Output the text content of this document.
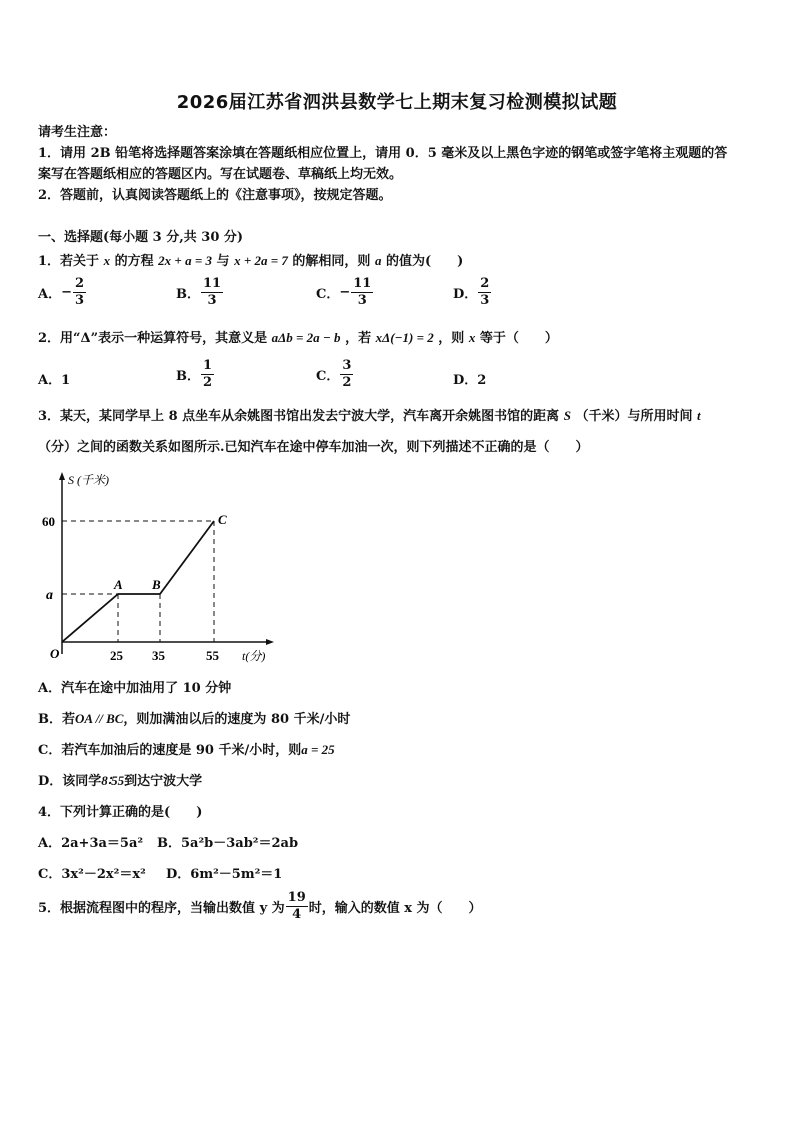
2026届江苏省泗洪县数学七上期末复习检测模拟试题
请考生注意：
1．请用 2B 铅笔将选择题答案涂填在答题纸相应位置上，请用 0．5 毫米及以上黑色字迹的钢笔或签字笔将主观题的答
案写在答题纸相应的答题区内。写在试题卷、草稿纸上均无效。
2．答题前，认真阅读答题纸上的《注意事项》，按规定答题。
一、选择题(每小题 3 分,共 30 分)
1．若关于 x 的方程 2x + a = 3 与 x + 2a = 7 的解相同，则 a 的值为(　　)
A． − $\frac{2}{3}$	B． $\frac{11}{3}$	C． − $\frac{11}{3}$	D． $\frac{2}{3}$
2．用“Δ”表示一种运算符号，其意义是 aΔb = 2a − b ，若 xΔ(−1) = 2 ，则 x 等于（　　）
A．1	B． $\frac{1}{2}$	C． $\frac{3}{2}$	D．2
3．某天，某同学早上 8 点坐车从余姚图书馆出发去宁波大学，汽车离开余姚图书馆的距离 S （千米）与所用时间 t
（分）之间的函数关系如图所示.已知汽车在途中停车加油一次，则下列描述不正确的是（　　）
S (千米)
60
a
O	25 35	55 t(分)
A B
C
A．汽车在途中加油用了 10 分钟
B．若OA // BC，则加满油以后的速度为 80 千米/小时
C．若汽车加油后的速度是 90 千米/小时，则a = 25
D．该同学8∶55到达宁波大学
4．下列计算正确的是(　　)
A．2a+3a＝5a² B．5a²b－3ab²＝2ab
C．3x²－2x²＝x² D．6m²－5m²＝1
5．根据流程图中的程序，当输出数值 y 为 $\frac{19}{4}$ 时，输入的数值 x 为（　　）
